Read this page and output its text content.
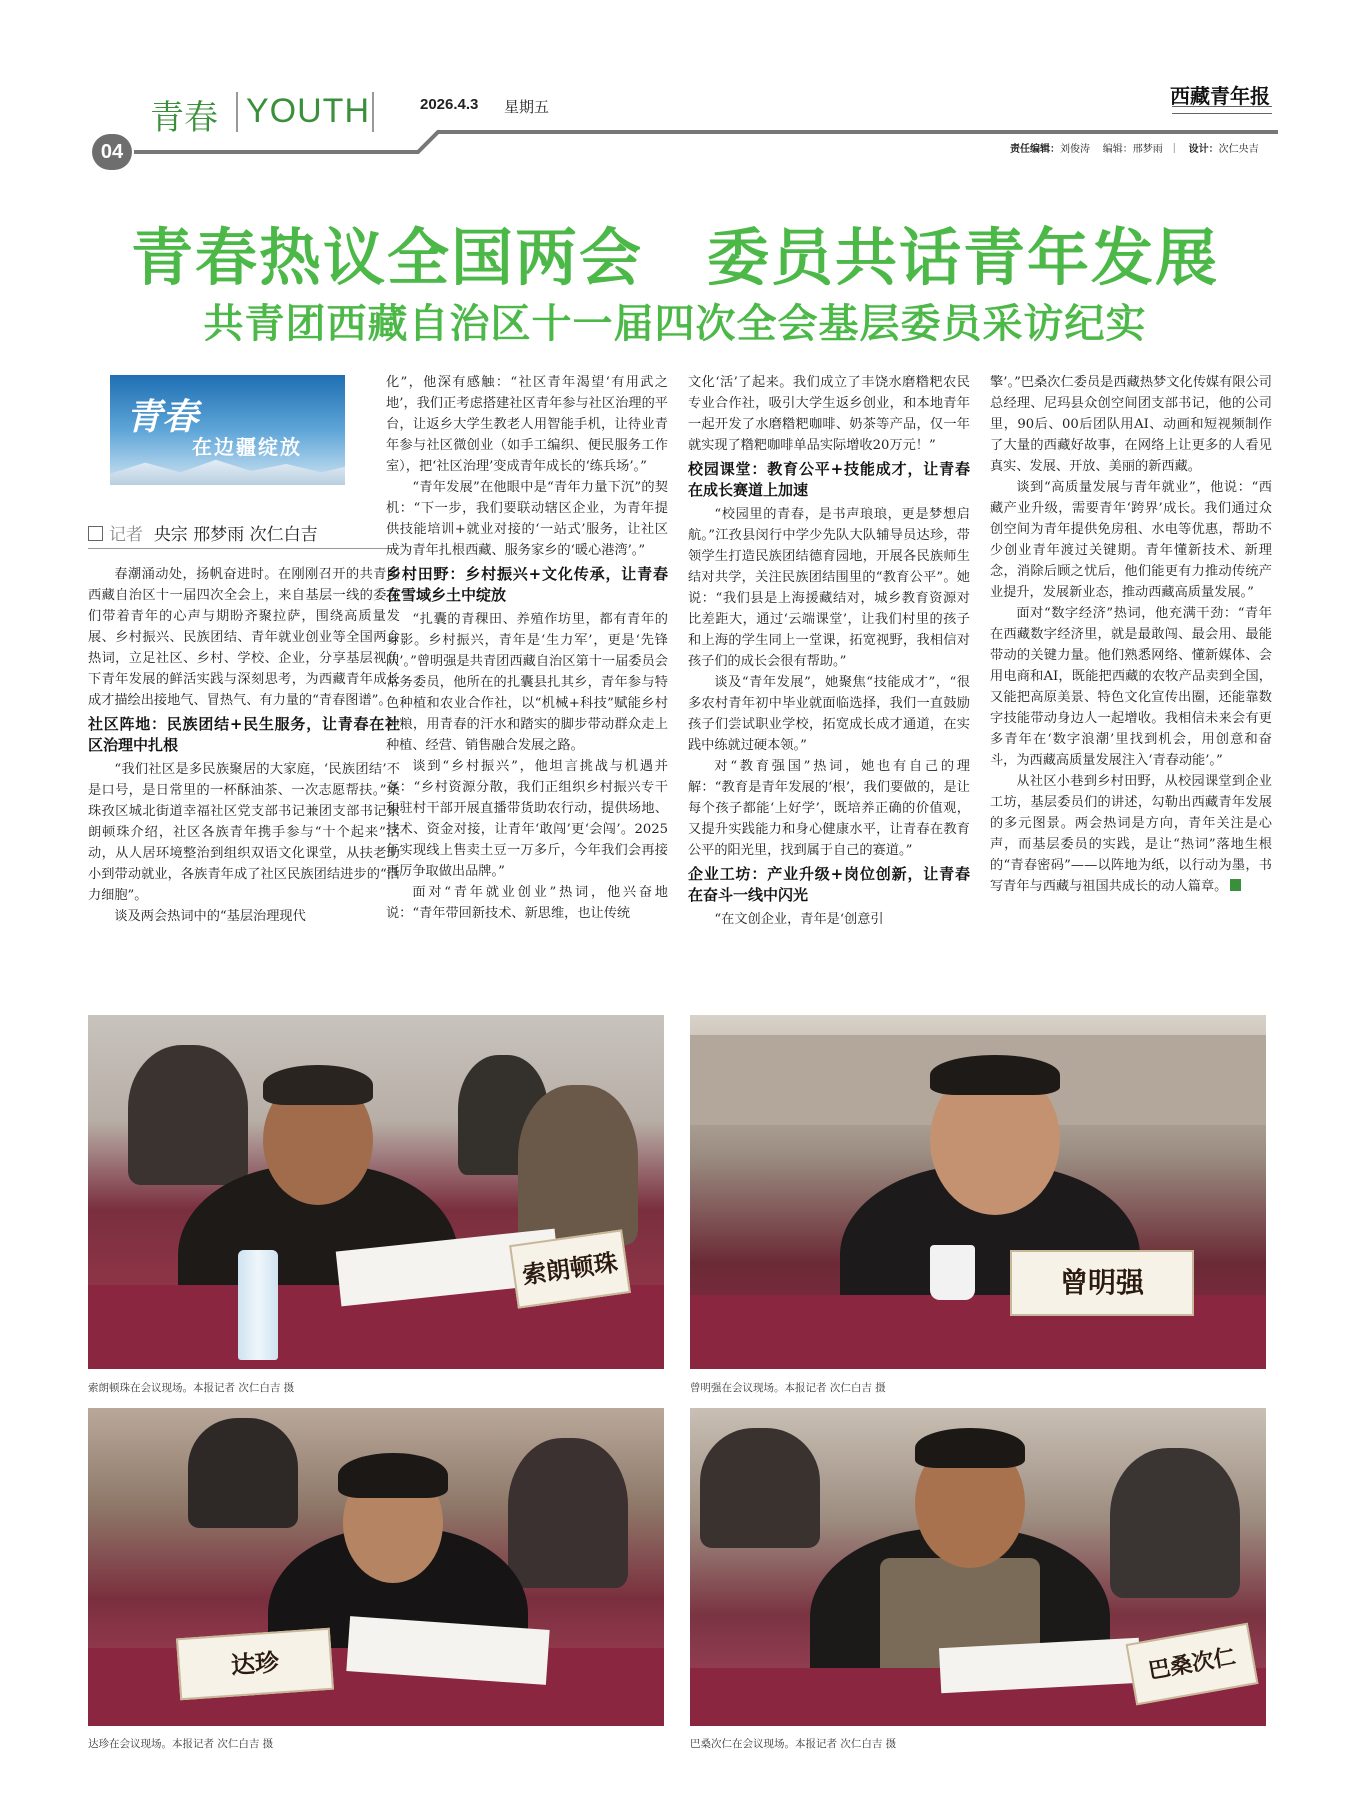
青春 YOUTH	2026.4.3 星期五	西藏青年报
04	责任编辑：刘俊涛 编辑：邢梦雨  ｜   设计：次仁央吉
青春热议全国两会　委员共话青年发展
共青团西藏自治区十一届四次全会基层委员采访纪实
青春
在边疆绽放
记者 央宗 邢梦雨 次仁白吉

春潮涌动处，扬帆奋进时。在刚刚召开的共青团西藏自治区十一届四次全会上，来自基层一线的委员们带着青年的心声与期盼齐聚拉萨，围绕高质量发展、乡村振兴、民族团结、青年就业创业等全国两会热词，立足社区、乡村、学校、企业，分享基层视角下青年发展的鲜活实践与深刻思考，为西藏青年成长成才描绘出接地气、冒热气、有力量的“青春图谱”。

社区阵地：民族团结+民生服务，让青春在社区治理中扎根

“我们社区是多民族聚居的大家庭，‘民族团结’不是口号，是日常里的一杯酥油茶、一次志愿帮扶。”桑珠孜区城北街道幸福社区党支部书记兼团支部书记索朗顿珠介绍，社区各族青年携手参与“十个起来”活动，从人居环境整治到组织双语文化课堂，从扶老助小到带动就业，各族青年成了社区民族团结进步的“活力细胞”。

谈及两会热词中的“基层治理现代

化”，他深有感触：“社区青年渴望‘有用武之地’，我们正考虑搭建社区青年参与社区治理的平台，让返乡大学生教老人用智能手机，让待业青年参与社区微创业（如手工编织、便民服务工作室），把‘社区治理’变成青年成长的‘练兵场’。”

“青年发展”在他眼中是“青年力量下沉”的契机：“下一步，我们要联动辖区企业，为青年提供技能培训+就业对接的‘一站式’服务，让社区成为青年扎根西藏、服务家乡的‘暖心港湾’。”

乡村田野：乡村振兴+文化传承，让青春在雪域乡土中绽放

“扎囊的青稞田、养殖作坊里，都有青年的身影。乡村振兴，青年是‘生力军’，更是‘先锋队’。”曾明强是共青团西藏自治区第十一届委员会常务委员，他所在的扎囊县扎其乡，青年参与特色种植和农业合作社，以“机械+科技”赋能乡村种粮，用青春的汗水和踏实的脚步带动群众走上种植、经营、销售融合发展之路。

谈到“乡村振兴”，他坦言挑战与机遇并存：“乡村资源分散，我们正组织乡村振兴专干和驻村干部开展直播带货助农行动，提供场地、技术、资金对接，让青年‘敢闯’更‘会闯’。2025年实现线上售卖土豆一万多斤，今年我们会再接再厉争取做出品牌。”

面对“青年就业创业”热词，他兴奋地说：“青年带回新技术、新思维，也让传统

文化‘活’了起来。我们成立了丰饶水磨糌粑农民专业合作社，吸引大学生返乡创业，和本地青年一起开发了水磨糌粑咖啡、奶茶等产品，仅一年就实现了糌粑咖啡单品实际增收20万元！”

校园课堂：教育公平+技能成才，让青春在成长赛道上加速

“校园里的青春，是书声琅琅，更是梦想启航。”江孜县闵行中学少先队大队辅导员达珍，带领学生打造民族团结德育园地，开展各民族师生结对共学，关注民族团结围里的“教育公平”。她说：“我们县是上海援藏结对，城乡教育资源对比差距大，通过‘云端课堂’，让我们村里的孩子和上海的学生同上一堂课，拓宽视野，我相信对孩子们的成长会很有帮助。”

谈及“青年发展”，她聚焦“技能成才”，“很多农村青年初中毕业就面临选择，我们一直鼓励孩子们尝试职业学校，拓宽成长成才通道，在实践中练就过硬本领。”

对“教育强国”热词，她也有自己的理解：“教育是青年发展的‘根’，我们要做的，是让每个孩子都能‘上好学’，既培养正确的价值观，又提升实践能力和身心健康水平，让青春在教育公平的阳光里，找到属于自己的赛道。”

企业工坊：产业升级+岗位创新，让青春在奋斗一线中闪光

“在文创企业，青年是‘创意引

擎’。”巴桑次仁委员是西藏热梦文化传媒有限公司总经理、尼玛县众创空间团支部书记，他的公司里，90后、00后团队用AI、动画和短视频制作了大量的西藏好故事，在网络上让更多的人看见真实、发展、开放、美丽的新西藏。

谈到“高质量发展与青年就业”，他说：“西藏产业升级，需要青年‘跨界’成长。我们通过众创空间为青年提供免房租、水电等优惠，帮助不少创业青年渡过关键期。青年懂新技术、新理念，消除后顾之忧后，他们能更有力推动传统产业提升，发展新业态，推动西藏高质量发展。”

面对“数字经济”热词，他充满干劲：“青年在西藏数字经济里，就是最敢闯、最会用、最能带动的关键力量。他们熟悉网络、懂新媒体、会用电商和AI，既能把西藏的农牧产品卖到全国，又能把高原美景、特色文化宣传出圈，还能靠数字技能带动身边人一起增收。我相信未来会有更多青年在‘数字浪潮’里找到机会，用创意和奋斗，为西藏高质量发展注入‘青春动能’。”

从社区小巷到乡村田野，从校园课堂到企业工坊，基层委员们的讲述，勾勒出西藏青年发展的多元图景。两会热词是方向，青年关注是心声，而基层委员的实践，是让“热词”落地生根的“青春密码”——以阵地为纸，以行动为墨，书写青年与西藏与祖国共成长的动人篇章。

索朗顿珠
索朗顿珠在会议现场。本报记者 次仁白吉 摄
曾明强
曾明强在会议现场。本报记者 次仁白吉 摄
达珍
达珍在会议现场。本报记者 次仁白吉 摄
巴桑次仁
巴桑次仁在会议现场。本报记者 次仁白吉 摄
